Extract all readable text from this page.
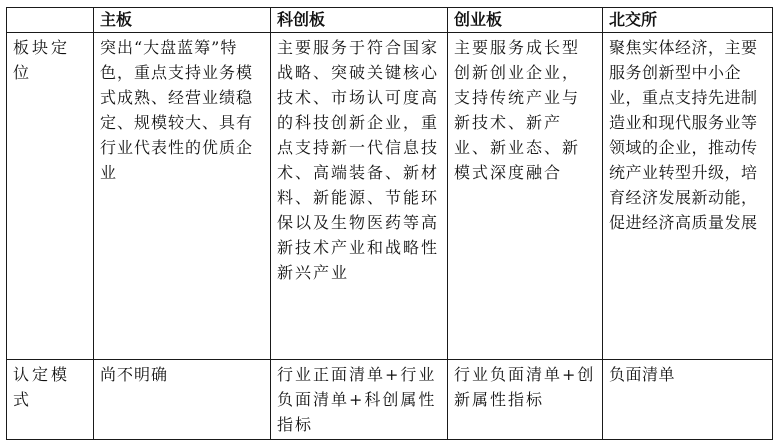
	主板	科创板	创业板	北交所
板块定位	突出“大盘蓝筹”特色，重点支持业务模式成熟、经营业绩稳定、规模较大、具有行业代表性的优质企业	主要服务于符合国家战略、突破关键核心技术、市场认可度高的科技创新企业，重点支持新一代信息技术、高端装备、新材料、新能源、节能环保以及生物医药等高新技术产业和战略性新兴产业	主要服务成长型创新创业企业，支持传统产业与新技术、新产业、新业态、新模式深度融合	聚焦实体经济，主要服务创新型中小企业，重点支持先进制造业和现代服务业等领域的企业，推动传统产业转型升级，培育经济发展新动能，促进经济高质量发展

认定模式	尚不明确	行业正面清单+行业负面清单+科创属性指标	行业负面清单+创新属性指标	负面清单
